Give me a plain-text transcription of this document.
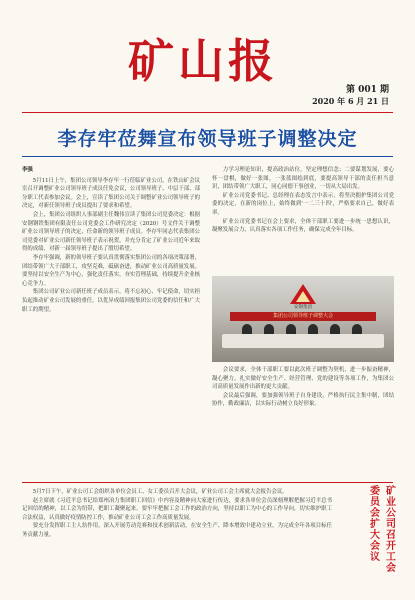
矿山报
第 001 期
2020 年 6 月 21 日
李存牢莅舞宣布领导班子调整决定
李强

5月11日上午，集团公司领导李存牢一行莅临矿业公司，在铁山矿会议室召开调整矿业公司领导班子成员任免会议，公司领导班子、中层干部、部分职工代表参加会议。会上，宣读了集团公司关于调整矿业公司领导班子的决定，对新任领导班子成员提出了要求和希望。

会上，集团公司组织人事部副主任魏伟宣读了集团公司党委决定：根据安钢钢铁集团有限责任公司党委会工作研究决定（2020）号文件关于调整矿业公司领导班子的决定，任命新的领导班子成员。李存牢同志代表集团公司党委对矿业公司新任领导班子表示祝贺，并充分肯定了矿业公司近年来取得的成绩，对新一届领导班子提出了殷切希望。

李存牢强调，新的领导班子要认真贯彻落实集团公司的各项决策部署，团结带领广大干部职工，攻坚克难，砥砺奋进，推动矿业公司高质量发展。要坚持以安全生产为中心，强化责任落实，夯实管理基础，持续提升企业核心竞争力。

集团公司矿业公司新任班子成员表示，将不忘初心、牢记使命，切实担负起推动矿业公司发展的重任，以优异成绩回报集团公司党委的信任和广大职工的期望。

力学习理论知识，提高政治站位，坚定理想信念；二要谋划发展，要心怀一盘棋，做好一张图，一张蓝图绘到底，要提高领导干部的责任担当意识，团结带领广大职工，同心同德干事创业，一切从大局出发。

矿业公司党委书记、总经理在表态发言中表示，将坚决拥护集团公司党委的决定，在新的岗位上，始终做到'一二三十四'，严格要求自己，做好表率。

矿业公司党委书记在会上要求，全体干部职工要进一步统一思想认识，凝聚发展合力，认真落实各项工作任务，确保完成全年目标。

安钢集团
集团公司领导班子调整大会

会议要求，全体干部职工要以此次班子调整为契机，进一步振奋精神，凝心聚力，扎实做好安全生产、经营管理、党的建设等各项工作，为集团公司高质量发展作出新的更大贡献。

会议最后强调，要加强领导班子自身建设，严格执行民主集中制，团结协作，勤政廉洁，以实际行动树立良好形象。

5月7日下午，矿业公司工会组织各单位会员工、女工委员召开大会议，矿业公司工会主席就大会报告会议。

赵主席就《习近平总书记给郑州冶力集团职工回信》中内容及精神向大家进行传达，要求各单位会员深刻理解把握习近平总书记回信的精神，以工会为纽带，把职工凝聚起来。要牢牢把握工会工作的政治方向，坚持以职工为中心的工作导向，切实维护职工合法权益，认真做好疫情防控工作，推动矿业公司工会工作高质量发展。

要充分发挥职工主人翁作用，深入开展劳动竞赛和技术创新活动，在安全生产、降本增效中建功立业，为完成全年各项目标任务贡献力量。

矿
业
公
司
召
开
工
会
委
员
会
扩
大
会
议
